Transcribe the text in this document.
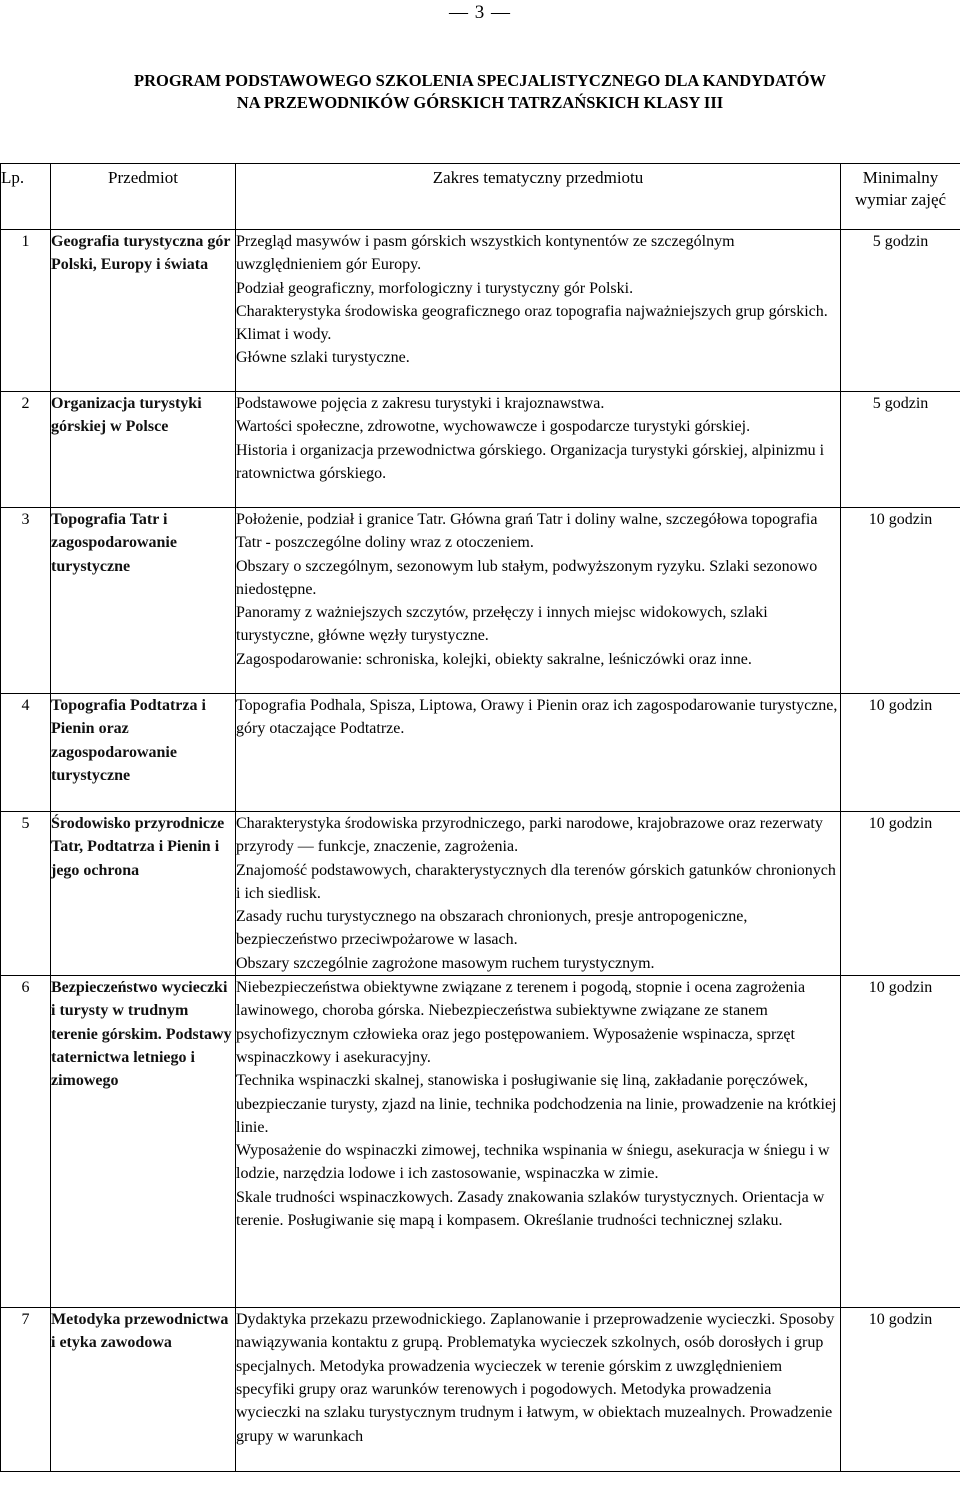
— 3 —
PROGRAM PODSTAWOWEGO SZKOLENIA SPECJALISTYCZNEGO DLA KANDYDATÓW
NA PRZEWODNIKÓW GÓRSKICH TATRZAŃSKICH KLASY III
Lp.	Przedmiot	Zakres tematyczny przedmiotu	Minimalny wymiar zajęć
1	Geografia turystyczna gór Polski, Europy i świata	Przegląd masywów i pasm górskich wszystkich kontynentów ze szczególnym uwzględnieniem gór Europy.
Podział geograficzny, morfologiczny i turystyczny gór Polski.
Charakterystyka środowiska geograficznego oraz topografia najważniejszych grup górskich.
Klimat i wody.
Główne szlaki turystyczne.	5 godzin
2	Organizacja turystyki górskiej w Polsce	Podstawowe pojęcia z zakresu turystyki i krajoznawstwa.
Wartości społeczne, zdrowotne, wychowawcze i gospodarcze turystyki górskiej.
Historia i organizacja przewodnictwa górskiego. Organizacja turystyki górskiej, alpinizmu i ratownictwa górskiego.	5 godzin
3	Topografia Tatr i zagospodarowanie turystyczne	Położenie, podział i granice Tatr. Główna grań Tatr i doliny walne, szczegółowa topografia Tatr - poszczególne doliny wraz z otoczeniem.
Obszary o szczególnym, sezonowym lub stałym, podwyższonym ryzyku. Szlaki sezonowo niedostępne.
Panoramy z ważniejszych szczytów, przełęczy i innych miejsc widokowych, szlaki turystyczne, główne węzły turystyczne.
Zagospodarowanie: schroniska, kolejki, obiekty sakralne, leśniczówki oraz inne.	10 godzin
4	Topografia Podtatrza i Pienin oraz zagospodarowanie turystyczne	Topografia Podhala, Spisza, Liptowa, Orawy i Pienin oraz ich zagospodarowanie turystyczne, góry otaczające Podtatrze.	10 godzin
5	Środowisko przyrodnicze Tatr, Podtatrza i Pienin i jego ochrona	Charakterystyka środowiska przyrodniczego, parki narodowe, krajobrazowe oraz rezerwaty przyrody ― funkcje, znaczenie, zagrożenia.
Znajomość podstawowych, charakterystycznych dla terenów górskich gatunków chronionych i ich siedlisk.
Zasady ruchu turystycznego na obszarach chronionych, presje antropogeniczne, bezpieczeństwo przeciwpożarowe w lasach.
Obszary szczególnie zagrożone masowym ruchem turystycznym.	10 godzin
6	Bezpieczeństwo wycieczki i turysty w trudnym terenie górskim. Podstawy taternictwa letniego i zimowego	Niebezpieczeństwa obiektywne związane z terenem i pogodą, stopnie i ocena zagrożenia lawinowego, choroba górska. Niebezpieczeństwa subiektywne związane ze stanem psychofizycznym człowieka oraz jego postępowaniem. Wyposażenie wspinacza, sprzęt wspinaczkowy i asekuracyjny.
Technika wspinaczki skalnej, stanowiska i posługiwanie się liną, zakładanie poręczówek, ubezpieczanie turysty, zjazd na linie, technika podchodzenia na linie, prowadzenie na krótkiej linie.
Wyposażenie do wspinaczki zimowej, technika wspinania w śniegu, asekuracja w śniegu i w lodzie, narzędzia lodowe i ich zastosowanie, wspinaczka w zimie.
Skale trudności wspinaczkowych. Zasady znakowania szlaków turystycznych. Orientacja w terenie. Posługiwanie się mapą i kompasem. Określanie trudności technicznej szlaku.	10 godzin
7	Metodyka przewodnictwa i etyka zawodowa	Dydaktyka przekazu przewodnickiego. Zaplanowanie i przeprowadzenie wycieczki. Sposoby nawiązywania kontaktu z grupą. Problematyka wycieczek szkolnych, osób dorosłych i grup specjalnych. Metodyka prowadzenia wycieczek w terenie górskim z uwzględnieniem specyfiki grupy oraz warunków terenowych i pogodowych. Metodyka prowadzenia wycieczki na szlaku turystycznym trudnym i łatwym, w obiektach muzealnych. Prowadzenie grupy w warunkach	10 godzin
